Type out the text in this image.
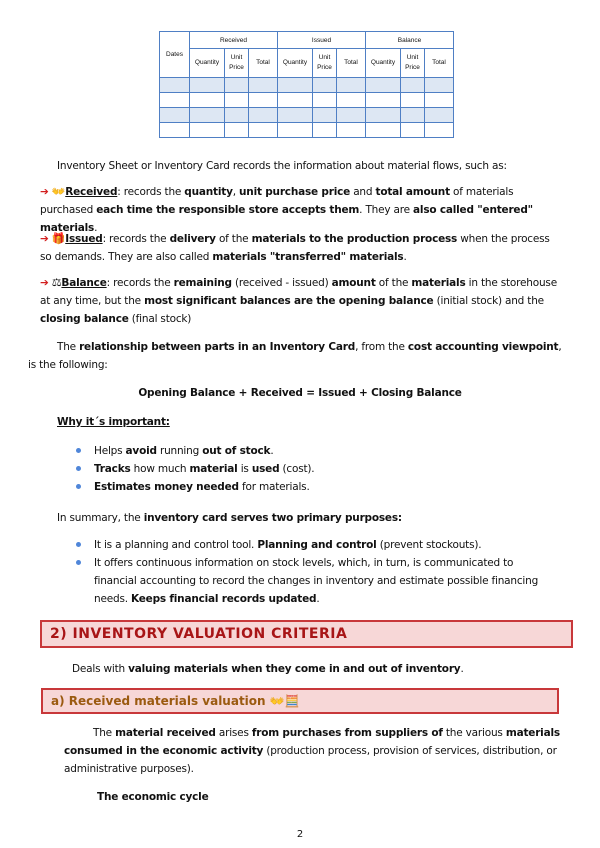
Dates	Received			Issued			Balance		
	Quantity	Unit Price	Total	Quantity	Unit Price	Total	Quantity	Unit Price	Total

Inventory Sheet or Inventory Card records the information about material flows, such as:
➔ 👐Received: records the quantity, unit purchase price and total amount of materials purchased each time the responsible store accepts them. They are also called "entered" materials.
➔ 🎁Issued: records the delivery of the materials to the production process when the process so demands. They are also called materials "transferred" materials.
➔ ⚖Balance: records the remaining (received - issued) amount of the materials in the storehouse at any time, but the most significant balances are the opening balance (initial stock) and the closing balance (final stock)
The relationship between parts in an Inventory Card, from the cost accounting viewpoint, is the following:
Opening Balance + Received = Issued + Closing Balance
Why it´s important:
Helps avoid running out of stock.
Tracks how much material is used (cost).
Estimates money needed for materials.
In summary, the inventory card serves two primary purposes:
It is a planning and control tool. Planning and control (prevent stockouts).
It offers continuous information on stock levels, which, in turn, is communicated to financial accounting to record the changes in inventory and estimate possible financing needs. Keeps financial records updated.
2) INVENTORY VALUATION CRITERIA
Deals with valuing materials when they come in and out of inventory.
a) Received materials valuation 👐🧮
The material received arises from purchases from suppliers of the various materials consumed in the economic activity (production process, provision of services, distribution, or administrative purposes).
The economic cycle
2
